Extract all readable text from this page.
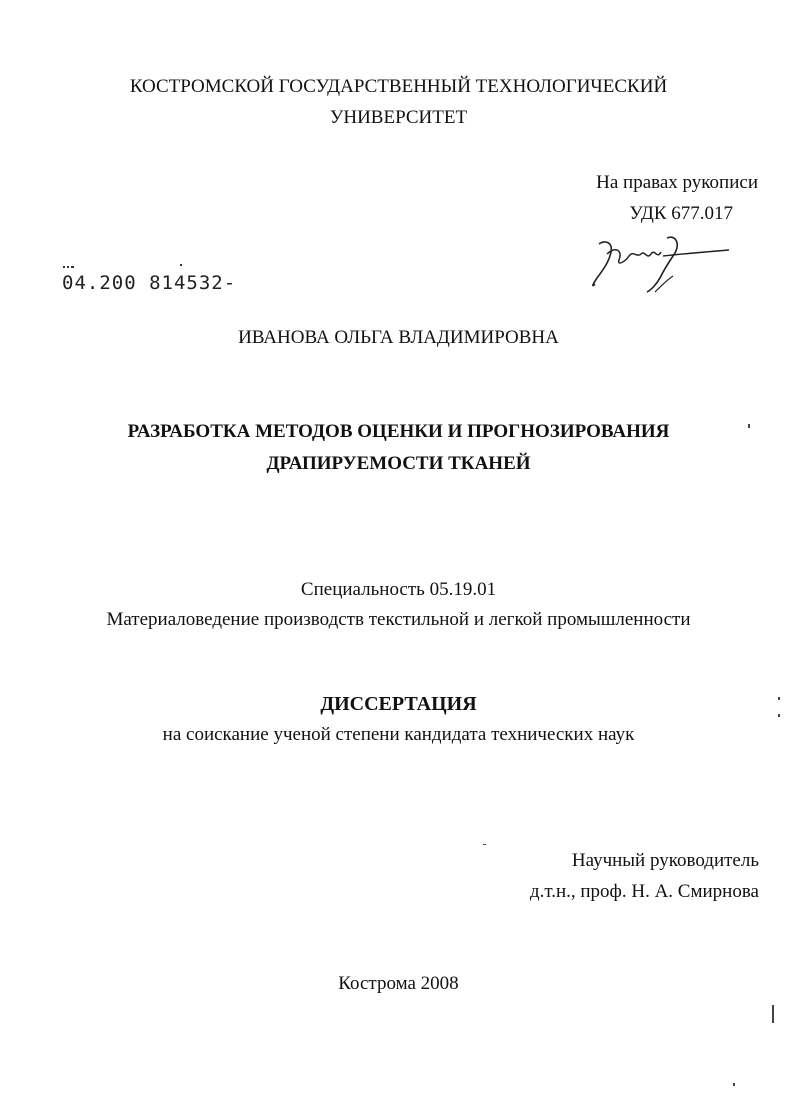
КОСТРОМСКОЙ ГОСУДАРСТВЕННЫЙ ТЕХНОЛОГИЧЕСКИЙ
УНИВЕРСИТЕТ
На правах рукописи
УДК 677.017
04.200 814532-
ИВАНОВА ОЛЬГА ВЛАДИМИРОВНА
РАЗРАБОТКА МЕТОДОВ ОЦЕНКИ И ПРОГНОЗИРОВАНИЯ
ДРАПИРУЕМОСТИ ТКАНЕЙ
Специальность 05.19.01
Материаловедение производств текстильной и легкой промышленности
ДИССЕРТАЦИЯ
на соискание ученой степени кандидата технических наук
Научный руководитель
д.т.н., проф. Н. А. Смирнова
Кострома 2008
